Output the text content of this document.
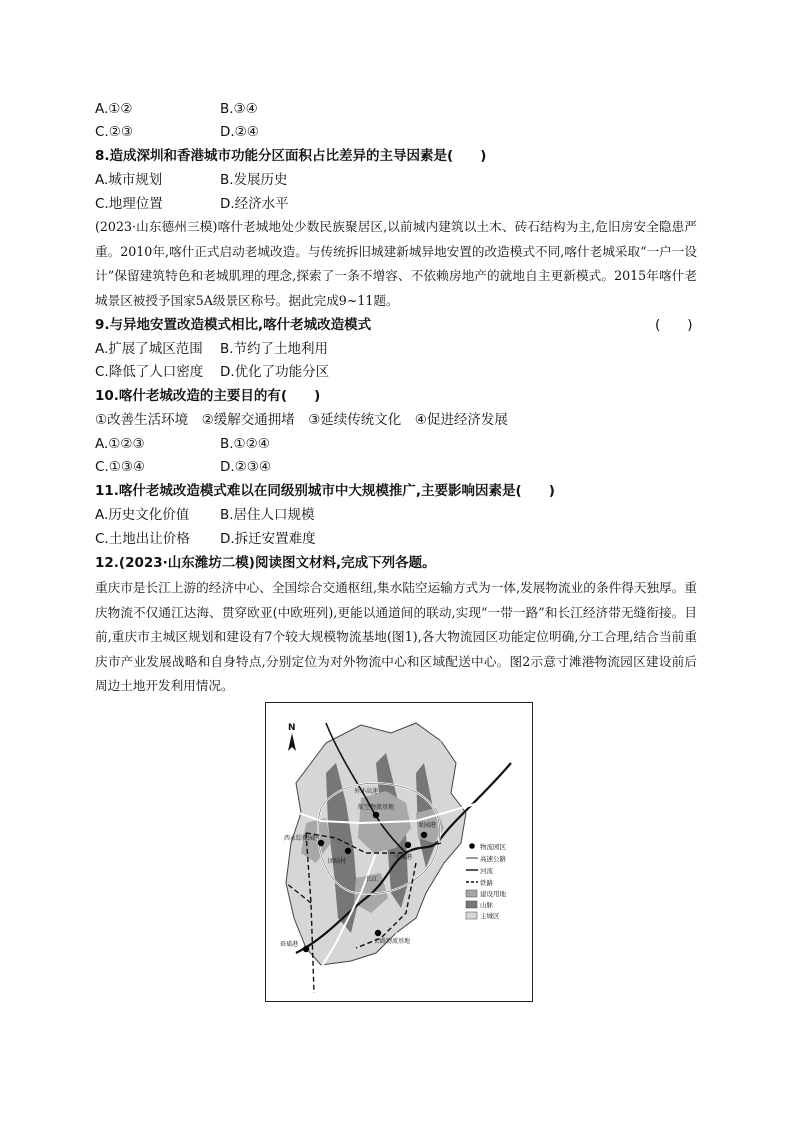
A.①②	B.③④
C.②③	D.②④
8.造成深圳和香港城市功能分区面积占比差异的主导因素是(　　)
A.城市规划	B.发展历史
C.地理位置	D.经济水平
(2023·山东德州三模)喀什老城地处少数民族聚居区,以前城内建筑以土木、砖石结构为主,危旧房安全隐患严重。2010年,喀什正式启动老城改造。与传统拆旧城建新城异地安置的改造模式不同,喀什老城采取“一户一设计”保留建筑特色和老城肌理的理念,探索了一条不增容、不依赖房地产的就地自主更新模式。2015年喀什老城景区被授予国家5A级景区称号。据此完成9~11题。
9.与异地安置改造模式相比,喀什老城改造模式	(　　)
A.扩展了城区范围 B.节约了土地利用
C.降低了人口密度 D.优化了功能分区
10.喀什老城改造的主要目的有(　　)
①改善生活环境　②缓解交通拥堵　③延续传统文化　④促进经济发展
A.①②③	B.①②④
C.①③④	D.②③④
11.喀什老城改造模式难以在同级别城市中大规模推广,主要影响因素是(　　)
A.历史文化价值 B.居住人口规模
C.土地出让价格 D.拆迁安置难度
12.(2023·山东潍坊二模)阅读图文材料,完成下列各题。
重庆市是长江上游的经济中心、全国综合交通枢纽,集水陆空运输方式为一体,发展物流业的条件得天独厚。重庆物流不仅通江达海、贯穿欧亚(中欧班列),更能以通道间的联动,实现“一带一路”和长江经济带无缝衔接。目前,重庆市主城区规划和建设有7个较大规模物流基地(图1),各大物流园区功能定位明确,分工合理,结合当前重庆市产业发展战略和自身特点,分别定位为对外物流中心和区域配送中心。图2示意寸滩港物流园区建设前后周边土地开发利用情况。
航空物流基地
外环高速
西永综保园区
团结村
寸滩港
果园港
公路物流基地
珞璜港
长江
N
物流园区
高速公路
河流
铁路
建设用地
山脉
主城区
